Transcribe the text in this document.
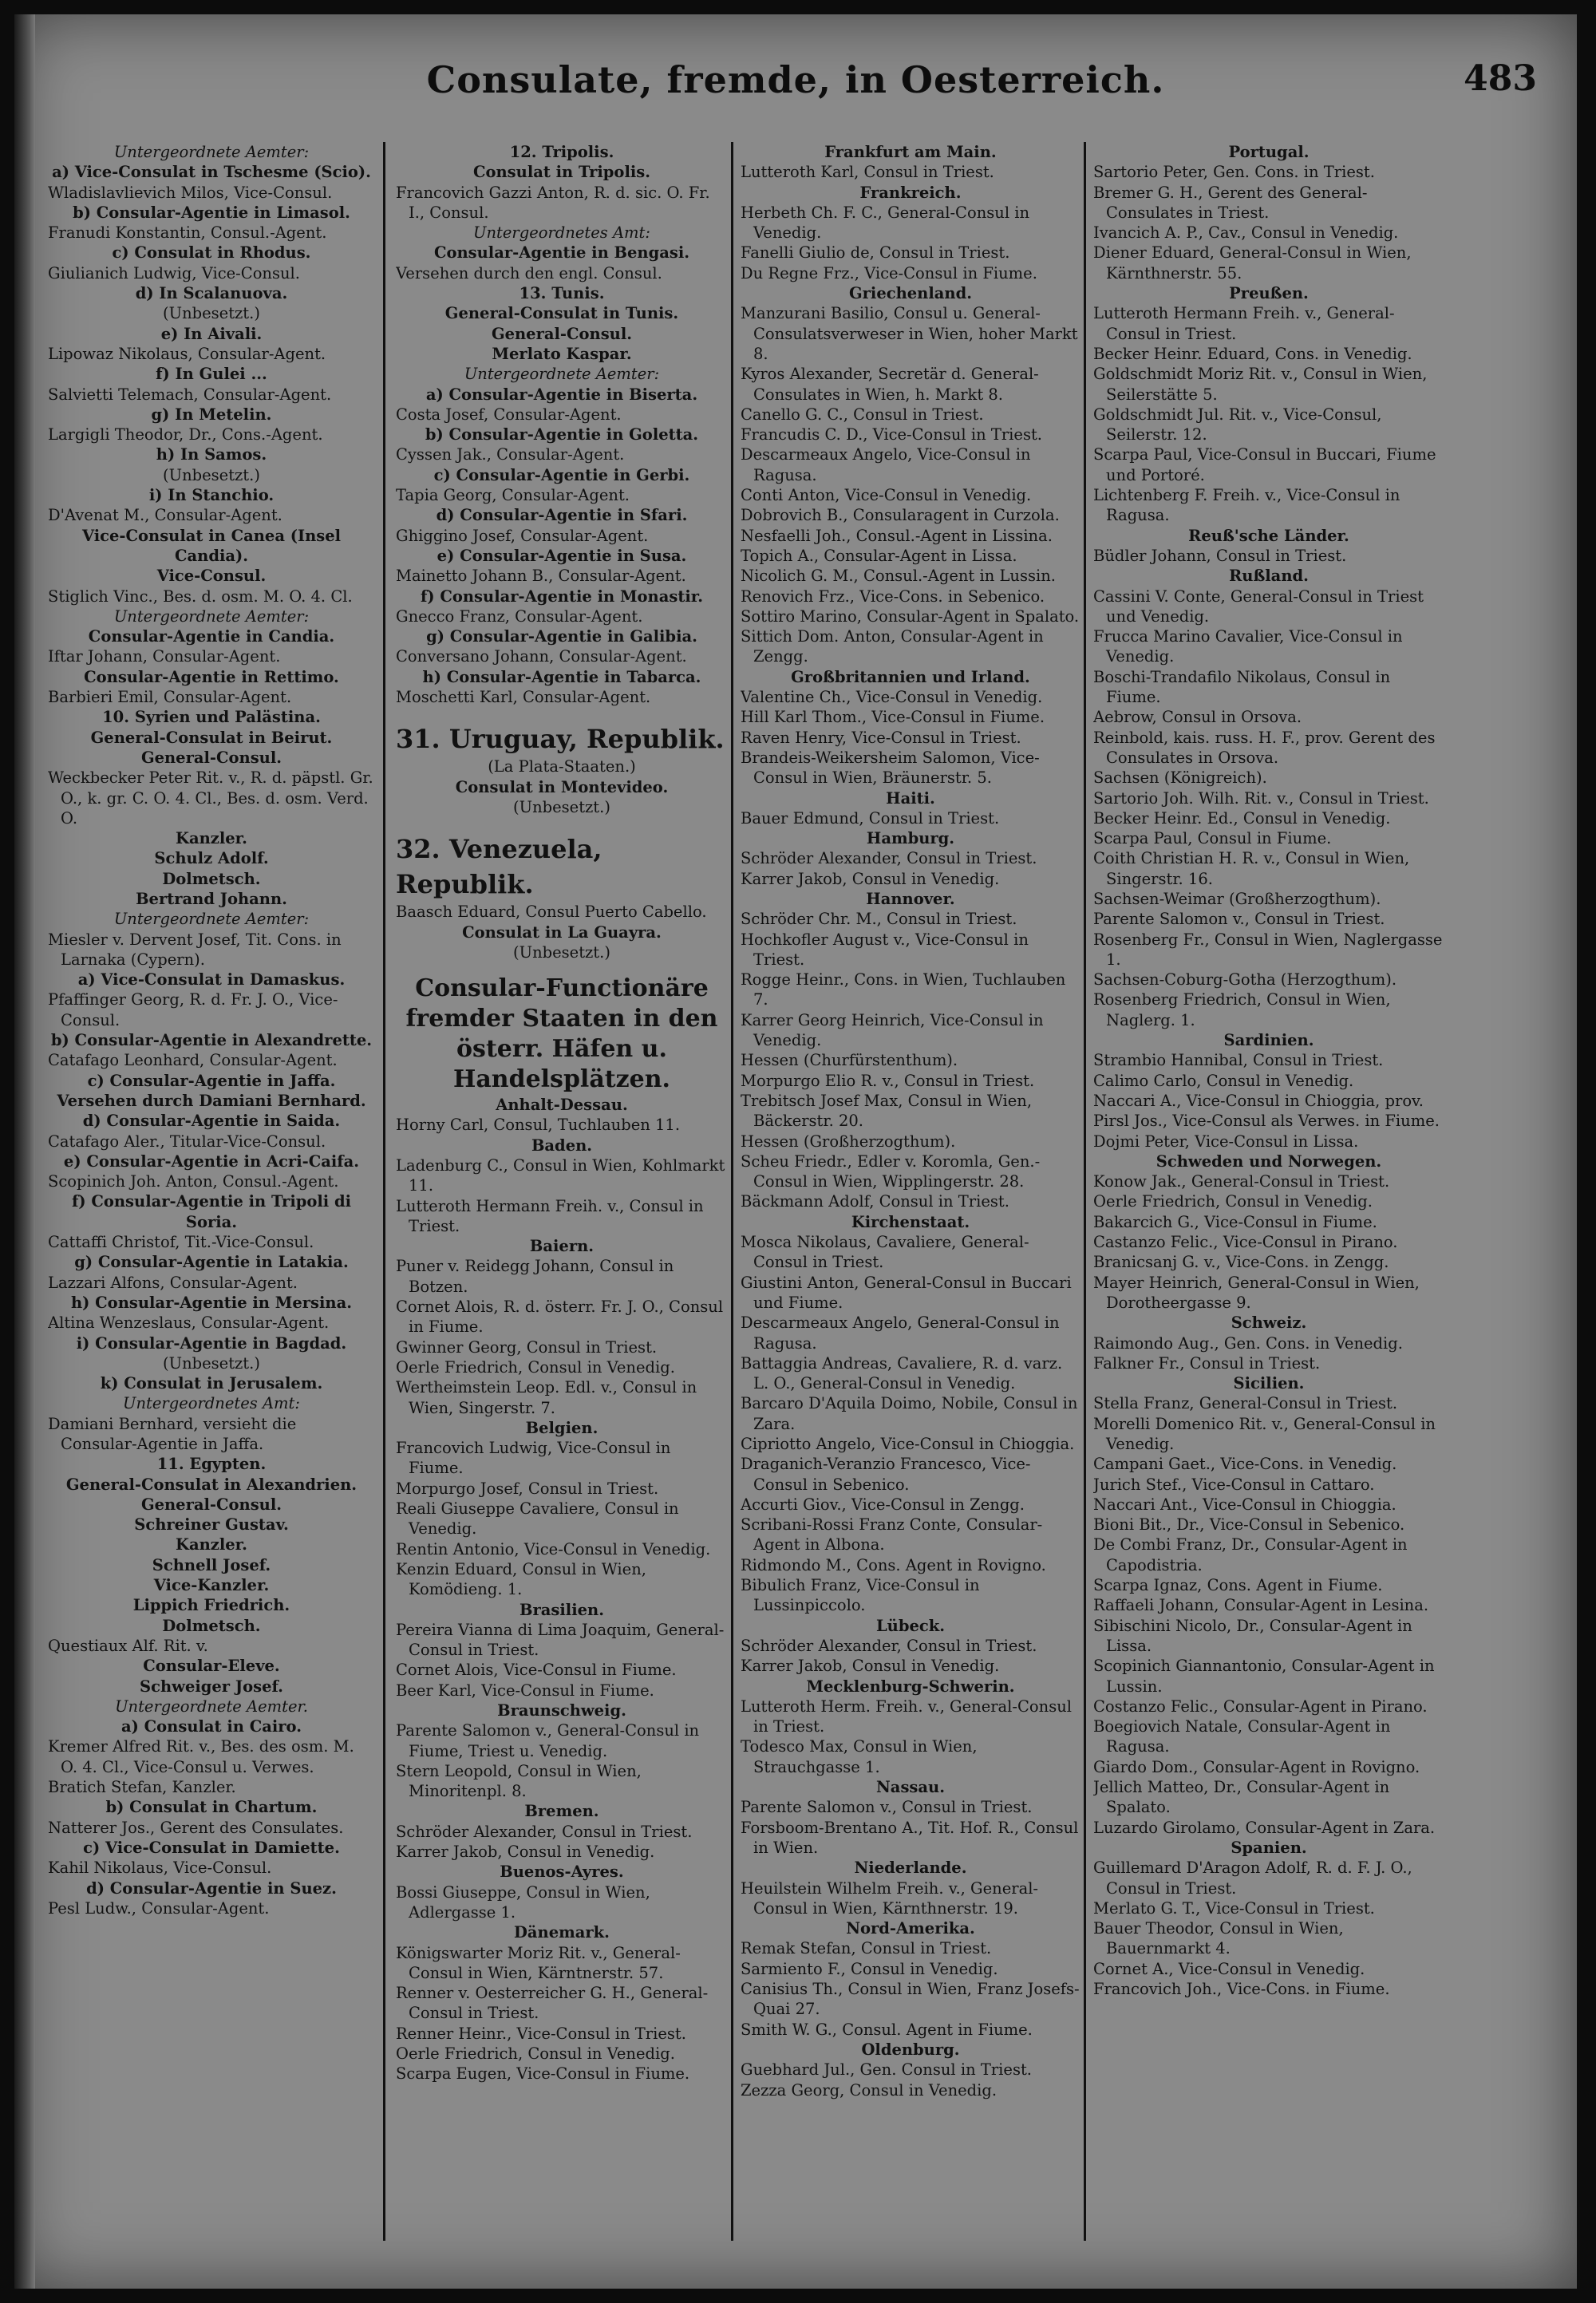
Consulate, fremde, in Oesterreich.	483
Untergeordnete Aemter:
a) Vice-Consulat in Tschesme (Scio).
Wladislavlievich Milos, Vice-Consul.
b) Consular-Agentie in Limasol.
Franudi Konstantin, Consul.-Agent.
c) Consulat in Rhodus.
Giulianich Ludwig, Vice-Consul.
d) In Scalanuova.
(Unbesetzt.)
e) In Aivali.
Lipowaz Nikolaus, Consular-Agent.
f) In Gulei ...
Salvietti Telemach, Consular-Agent.
g) In Metelin.
Largigli Theodor, Dr., Cons.-Agent.
h) In Samos.
(Unbesetzt.)
i) In Stanchio.
D'Avenat M., Consular-Agent.
Vice-Consulat in Canea (Insel Candia).
Vice-Consul.
Stiglich Vinc., Bes. d. osm. M. O. 4. Cl.
Untergeordnete Aemter:
Consular-Agentie in Candia.
Iftar Johann, Consular-Agent.
Consular-Agentie in Rettimo.
Barbieri Emil, Consular-Agent.
10. Syrien und Palästina.
General-Consulat in Beirut.
General-Consul.
Weckbecker Peter Rit. v., R. d. päpstl. Gr. O., k. gr. C. O. 4. Cl., Bes. d. osm. Verd. O.
Kanzler.
Schulz Adolf.
Dolmetsch.
Bertrand Johann.
Untergeordnete Aemter:
Miesler v. Dervent Josef, Tit. Cons. in Larnaka (Cypern).
a) Vice-Consulat in Damaskus.
Pfaffinger Georg, R. d. Fr. J. O., Vice-Consul.
b) Consular-Agentie in Alexandrette.
Catafago Leonhard, Consular-Agent.
c) Consular-Agentie in Jaffa.
Versehen durch Damiani Bernhard.
d) Consular-Agentie in Saida.
Catafago Aler., Titular-Vice-Consul.
e) Consular-Agentie in Acri-Caifa.
Scopinich Joh. Anton, Consul.-Agent.
f) Consular-Agentie in Tripoli di Soria.
Cattaffi Christof, Tit.-Vice-Consul.
g) Consular-Agentie in Latakia.
Lazzari Alfons, Consular-Agent.
h) Consular-Agentie in Mersina.
Altina Wenzeslaus, Consular-Agent.
i) Consular-Agentie in Bagdad.
(Unbesetzt.)
k) Consulat in Jerusalem.
Untergeordnetes Amt:
Damiani Bernhard, versieht die Consular-Agentie in Jaffa.
11. Egypten.
General-Consulat in Alexandrien.
General-Consul.
Schreiner Gustav.
Kanzler.
Schnell Josef.
Vice-Kanzler.
Lippich Friedrich.
Dolmetsch.
Questiaux Alf. Rit. v.
Consular-Eleve.
Schweiger Josef.
Untergeordnete Aemter.
a) Consulat in Cairo.
Kremer Alfred Rit. v., Bes. des osm. M. O. 4. Cl., Vice-Consul u. Verwes.
Bratich Stefan, Kanzler.
b) Consulat in Chartum.
Natterer Jos., Gerent des Consulates.
c) Vice-Consulat in Damiette.
Kahil Nikolaus, Vice-Consul.
d) Consular-Agentie in Suez.
Pesl Ludw., Consular-Agent.
12. Tripolis.
Consulat in Tripolis.
Francovich Gazzi Anton, R. d. sic. O. Fr. I., Consul.
Untergeordnetes Amt:
Consular-Agentie in Bengasi.
Versehen durch den engl. Consul.
13. Tunis.
General-Consulat in Tunis.
General-Consul.
Merlato Kaspar.
Untergeordnete Aemter:
a) Consular-Agentie in Biserta.
Costa Josef, Consular-Agent.
b) Consular-Agentie in Goletta.
Cyssen Jak., Consular-Agent.
c) Consular-Agentie in Gerbi.
Tapia Georg, Consular-Agent.
d) Consular-Agentie in Sfari.
Ghiggino Josef, Consular-Agent.
e) Consular-Agentie in Susa.
Mainetto Johann B., Consular-Agent.
f) Consular-Agentie in Monastir.
Gnecco Franz, Consular-Agent.
g) Consular-Agentie in Galibia.
Conversano Johann, Consular-Agent.
h) Consular-Agentie in Tabarca.
Moschetti Karl, Consular-Agent.
31. Uruguay, Republik.
(La Plata-Staaten.)
Consulat in Montevideo.
(Unbesetzt.)
32. Venezuela, Republik.
Baasch Eduard, Consul Puerto Cabello.
Consulat in La Guayra.
(Unbesetzt.)
Consular-Functionäre fremder Staaten in den österr. Häfen u. Handelsplätzen.
Anhalt-Dessau.
Horny Carl, Consul, Tuchlauben 11.
Baden.
Ladenburg C., Consul in Wien, Kohlmarkt 11.
Lutteroth Hermann Freih. v., Consul in Triest.
Baiern.
Puner v. Reidegg Johann, Consul in Botzen.
Cornet Alois, R. d. österr. Fr. J. O., Consul in Fiume.
Gwinner Georg, Consul in Triest.
Oerle Friedrich, Consul in Venedig.
Wertheimstein Leop. Edl. v., Consul in Wien, Singerstr. 7.
Belgien.
Francovich Ludwig, Vice-Consul in Fiume.
Morpurgo Josef, Consul in Triest.
Reali Giuseppe Cavaliere, Consul in Venedig.
Rentin Antonio, Vice-Consul in Venedig.
Kenzin Eduard, Consul in Wien, Komödieng. 1.
Brasilien.
Pereira Vianna di Lima Joaquim, General-Consul in Triest.
Cornet Alois, Vice-Consul in Fiume.
Beer Karl, Vice-Consul in Fiume.
Braunschweig.
Parente Salomon v., General-Consul in Fiume, Triest u. Venedig.
Stern Leopold, Consul in Wien, Minoritenpl. 8.
Bremen.
Schröder Alexander, Consul in Triest.
Karrer Jakob, Consul in Venedig.
Buenos-Ayres.
Bossi Giuseppe, Consul in Wien, Adlergasse 1.
Dänemark.
Königswarter Moriz Rit. v., General-Consul in Wien, Kärntnerstr. 57.
Renner v. Oesterreicher G. H., General-Consul in Triest.
Renner Heinr., Vice-Consul in Triest.
Oerle Friedrich, Consul in Venedig.
Scarpa Eugen, Vice-Consul in Fiume.
Frankfurt am Main.
Lutteroth Karl, Consul in Triest.
Frankreich.
Herbeth Ch. F. C., General-Consul in Venedig.
Fanelli Giulio de, Consul in Triest.
Du Regne Frz., Vice-Consul in Fiume.
Griechenland.
Manzurani Basilio, Consul u. General-Consulatsverweser in Wien, hoher Markt 8.
Kyros Alexander, Secretär d. General-Consulates in Wien, h. Markt 8.
Canello G. C., Consul in Triest.
Francudis C. D., Vice-Consul in Triest.
Descarmeaux Angelo, Vice-Consul in Ragusa.
Conti Anton, Vice-Consul in Venedig.
Dobrovich B., Consularagent in Curzola.
Nesfaelli Joh., Consul.-Agent in Lissina.
Topich A., Consular-Agent in Lissa.
Nicolich G. M., Consul.-Agent in Lussin.
Renovich Frz., Vice-Cons. in Sebenico.
Sottiro Marino, Consular-Agent in Spalato.
Sittich Dom. Anton, Consular-Agent in Zengg.
Großbritannien und Irland.
Valentine Ch., Vice-Consul in Venedig.
Hill Karl Thom., Vice-Consul in Fiume.
Raven Henry, Vice-Consul in Triest.
Brandeis-Weikersheim Salomon, Vice-Consul in Wien, Bräunerstr. 5.
Haiti.
Bauer Edmund, Consul in Triest.
Hamburg.
Schröder Alexander, Consul in Triest.
Karrer Jakob, Consul in Venedig.
Hannover.
Schröder Chr. M., Consul in Triest.
Hochkofler August v., Vice-Consul in Triest.
Rogge Heinr., Cons. in Wien, Tuchlauben 7.
Karrer Georg Heinrich, Vice-Consul in Venedig.
Hessen (Churfürstenthum).
Morpurgo Elio R. v., Consul in Triest.
Trebitsch Josef Max, Consul in Wien, Bäckerstr. 20.
Hessen (Großherzogthum).
Scheu Friedr., Edler v. Koromla, Gen.-Consul in Wien, Wipplingerstr. 28.
Bäckmann Adolf, Consul in Triest.
Kirchenstaat.
Mosca Nikolaus, Cavaliere, General-Consul in Triest.
Giustini Anton, General-Consul in Buccari und Fiume.
Descarmeaux Angelo, General-Consul in Ragusa.
Battaggia Andreas, Cavaliere, R. d. varz. L. O., General-Consul in Venedig.
Barcaro D'Aquila Doimo, Nobile, Consul in Zara.
Cipriotto Angelo, Vice-Consul in Chioggia.
Draganich-Veranzio Francesco, Vice-Consul in Sebenico.
Accurti Giov., Vice-Consul in Zengg.
Scribani-Rossi Franz Conte, Consular-Agent in Albona.
Ridmondo M., Cons. Agent in Rovigno.
Bibulich Franz, Vice-Consul in Lussinpiccolo.
Lübeck.
Schröder Alexander, Consul in Triest.
Karrer Jakob, Consul in Venedig.
Mecklenburg-Schwerin.
Lutteroth Herm. Freih. v., General-Consul in Triest.
Todesco Max, Consul in Wien, Strauchgasse 1.
Nassau.
Parente Salomon v., Consul in Triest.
Forsboom-Brentano A., Tit. Hof. R., Consul in Wien.
Niederlande.
Heuilstein Wilhelm Freih. v., General-Consul in Wien, Kärnthnerstr. 19.
Nord-Amerika.
Remak Stefan, Consul in Triest.
Sarmiento F., Consul in Venedig.
Canisius Th., Consul in Wien, Franz Josefs-Quai 27.
Smith W. G., Consul. Agent in Fiume.
Oldenburg.
Guebhard Jul., Gen. Consul in Triest.
Zezza Georg, Consul in Venedig.
Portugal.
Sartorio Peter, Gen. Cons. in Triest.
Bremer G. H., Gerent des General-Consulates in Triest.
Ivancich A. P., Cav., Consul in Venedig.
Diener Eduard, General-Consul in Wien, Kärnthnerstr. 55.
Preußen.
Lutteroth Hermann Freih. v., General-Consul in Triest.
Becker Heinr. Eduard, Cons. in Venedig.
Goldschmidt Moriz Rit. v., Consul in Wien, Seilerstätte 5.
Goldschmidt Jul. Rit. v., Vice-Consul, Seilerstr. 12.
Scarpa Paul, Vice-Consul in Buccari, Fiume und Portoré.
Lichtenberg F. Freih. v., Vice-Consul in Ragusa.
Reuß'sche Länder.
Büdler Johann, Consul in Triest.
Rußland.
Cassini V. Conte, General-Consul in Triest und Venedig.
Frucca Marino Cavalier, Vice-Consul in Venedig.
Boschi-Trandafilo Nikolaus, Consul in Fiume.
Aebrow, Consul in Orsova.
Reinbold, kais. russ. H. F., prov. Gerent des Consulates in Orsova.
Sachsen (Königreich).
Sartorio Joh. Wilh. Rit. v., Consul in Triest.
Becker Heinr. Ed., Consul in Venedig.
Scarpa Paul, Consul in Fiume.
Coith Christian H. R. v., Consul in Wien, Singerstr. 16.
Sachsen-Weimar (Großherzogthum).
Parente Salomon v., Consul in Triest.
Rosenberg Fr., Consul in Wien, Naglergasse 1.
Sachsen-Coburg-Gotha (Herzogthum).
Rosenberg Friedrich, Consul in Wien, Naglerg. 1.
Sardinien.
Strambio Hannibal, Consul in Triest.
Calimo Carlo, Consul in Venedig.
Naccari A., Vice-Consul in Chioggia, prov.
Pirsl Jos., Vice-Consul als Verwes. in Fiume.
Dojmi Peter, Vice-Consul in Lissa.
Schweden und Norwegen.
Konow Jak., General-Consul in Triest.
Oerle Friedrich, Consul in Venedig.
Bakarcich G., Vice-Consul in Fiume.
Castanzo Felic., Vice-Consul in Pirano.
Branicsanj G. v., Vice-Cons. in Zengg.
Mayer Heinrich, General-Consul in Wien, Dorotheergasse 9.
Schweiz.
Raimondo Aug., Gen. Cons. in Venedig.
Falkner Fr., Consul in Triest.
Sicilien.
Stella Franz, General-Consul in Triest.
Morelli Domenico Rit. v., General-Consul in Venedig.
Campani Gaet., Vice-Cons. in Venedig.
Jurich Stef., Vice-Consul in Cattaro.
Naccari Ant., Vice-Consul in Chioggia.
Bioni Bit., Dr., Vice-Consul in Sebenico.
De Combi Franz, Dr., Consular-Agent in Capodistria.
Scarpa Ignaz, Cons. Agent in Fiume.
Raffaeli Johann, Consular-Agent in Lesina.
Sibischini Nicolo, Dr., Consular-Agent in Lissa.
Scopinich Giannantonio, Consular-Agent in Lussin.
Costanzo Felic., Consular-Agent in Pirano.
Boegiovich Natale, Consular-Agent in Ragusa.
Giardo Dom., Consular-Agent in Rovigno.
Jellich Matteo, Dr., Consular-Agent in Spalato.
Luzardo Girolamo, Consular-Agent in Zara.
Spanien.
Guillemard D'Aragon Adolf, R. d. F. J. O., Consul in Triest.
Merlato G. T., Vice-Consul in Triest.
Bauer Theodor, Consul in Wien, Bauernmarkt 4.
Cornet A., Vice-Consul in Venedig.
Francovich Joh., Vice-Cons. in Fiume.
